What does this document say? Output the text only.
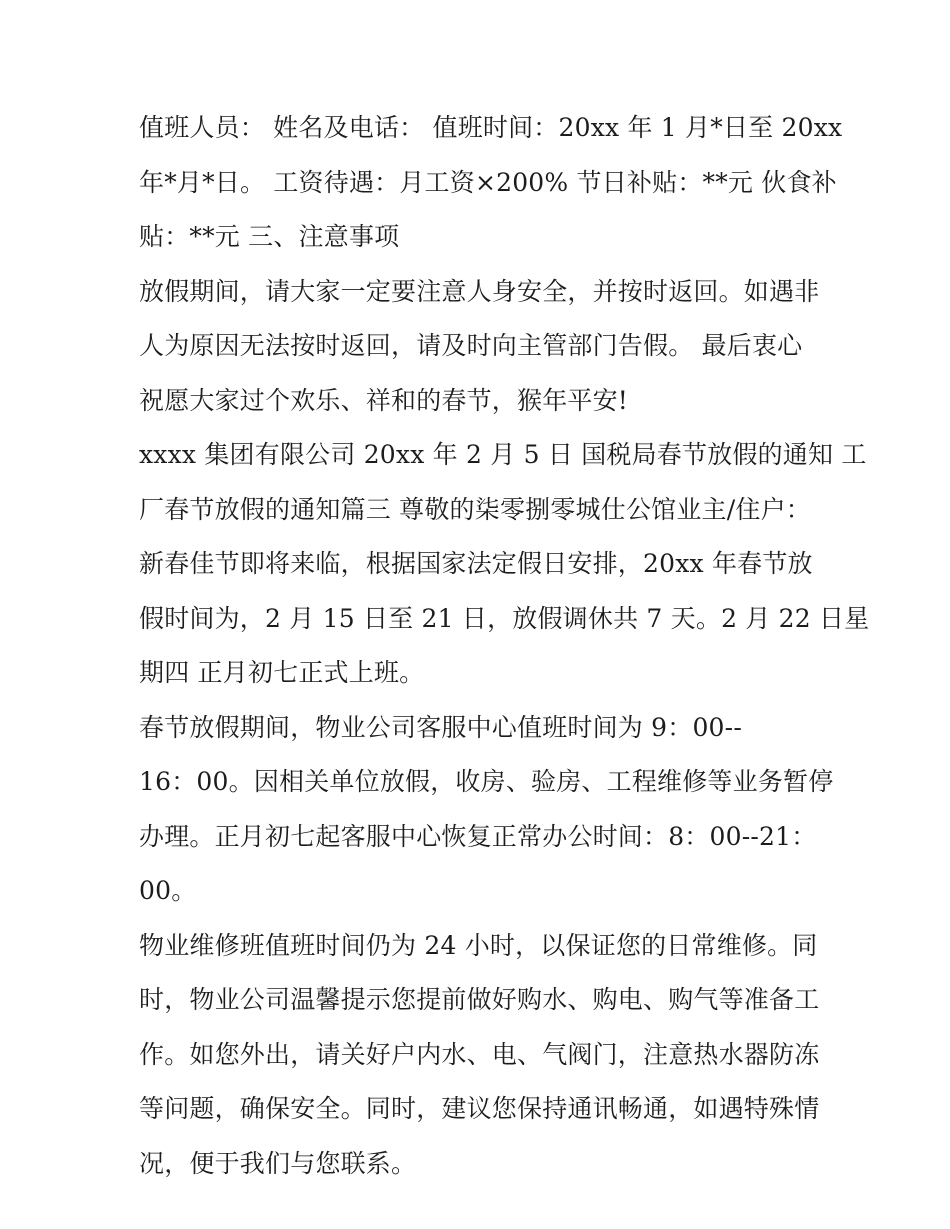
值班人员： 姓名及电话： 值班时间：20xx 年 1 月*日至 20xx
年*月*日。 工资待遇：月工资×200% 节日补贴：**元 伙食补
贴：**元 三、注意事项
放假期间，请大家一定要注意人身安全，并按时返回。如遇非
人为原因无法按时返回，请及时向主管部门告假。 最后衷心
祝愿大家过个欢乐、祥和的春节，猴年平安!
xxxx 集团有限公司 20xx 年 2 月 5 日 国税局春节放假的通知 工
厂春节放假的通知篇三 尊敬的柒零捌零城仕公馆业主/住户：
新春佳节即将来临，根据国家法定假日安排，20xx 年春节放
假时间为，2 月 15 日至 21 日，放假调休共 7 天。2 月 22 日星
期四 正月初七正式上班。
春节放假期间，物业公司客服中心值班时间为 9：00--
16：00。因相关单位放假，收房、验房、工程维修等业务暂停
办理。正月初七起客服中心恢复正常办公时间：8：00--21：
00。
物业维修班值班时间仍为 24 小时，以保证您的日常维修。同
时，物业公司温馨提示您提前做好购水、购电、购气等准备工
作。如您外出，请关好户内水、电、气阀门，注意热水器防冻
等问题，确保安全。同时，建议您保持通讯畅通，如遇特殊情
况，便于我们与您联系。
